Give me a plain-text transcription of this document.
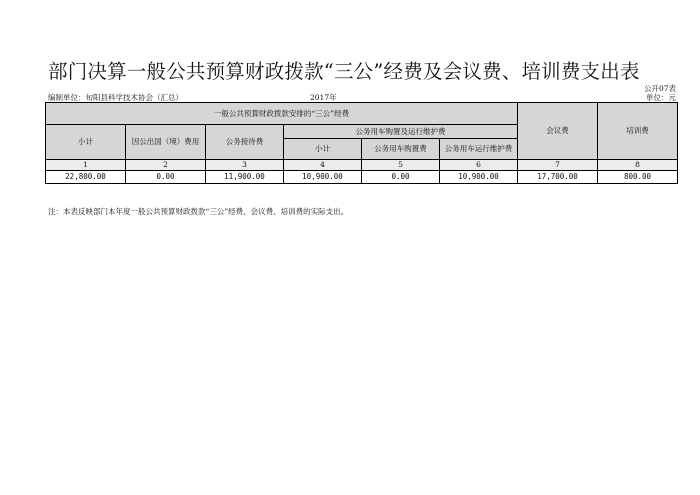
部门决算一般公共预算财政拨款“三公”经费及会议费、培训费支出表
公开07表
编制单位：旬阳县科学技术协会（汇总）	2017年	单位：元
一般公共预算财政拨款安排的“三公”经费						会议费	培训费
小计	因公出国（境）费用	公务接待费	公务用车购置及运行维护费				
			小计	公务用车购置费	公务用车运行维护费		
1	2	3	4	5	6	7	8
22,800.00	0.00	11,900.00	10,900.00	0.00	10,900.00	17,700.00	800.00
注：本表反映部门本年度一般公共预算财政拨款“三公”经费、会议费、培训费的实际支出。
